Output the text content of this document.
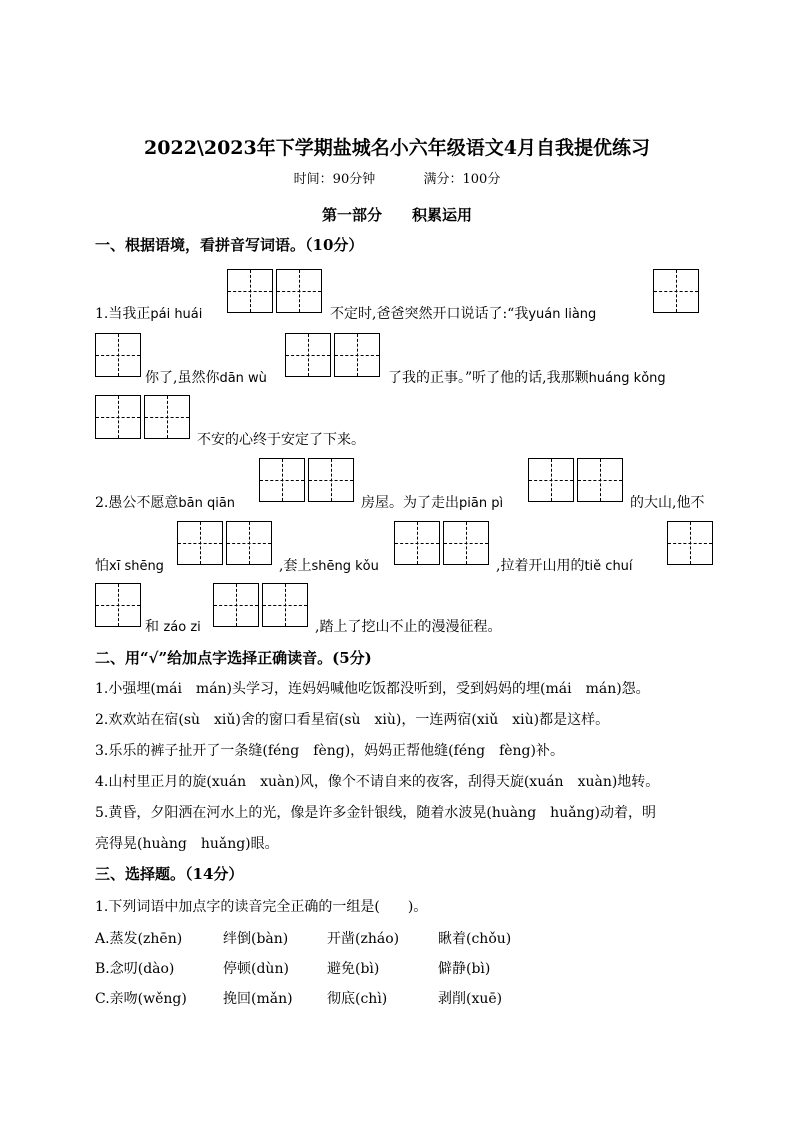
2022\2023年下学期盐城名小六年级语文4月自我提优练习
时间：90分钟	满分：100分
第一部分　　积累运用
一、根据语境，看拼音写词语。（10分）
1.当我正pái huái	不定时,爸爸突然开口说话了:“我yuán liàng
你了,虽然你dān wù	了我的正事。”听了他的话,我那颗huáng kǒng
不安的心终于安定了下来。
2.愚公不愿意bān qiān	房屋。为了走出piān pì	的大山,他不
怕xī shēng	,套上shēng kǒu	,拉着开山用的tiě chuí
和 záo zi	,踏上了挖山不止的漫漫征程。
二、用“√”给加点字选择正确读音。(5分)
1.小强埋(mái　mán)头学习，连妈妈喊他吃饭都没听到，受到妈妈的埋(mái　mán)怨。
2.欢欢站在宿(sù　xiǔ)舍的窗口看星宿(sù　xiù)，一连两宿(xiǔ　xiù)都是这样。
3.乐乐的裤子扯开了一条缝(féng　fèng)，妈妈正帮他缝(féng　fèng)补。
4.山村里正月的旋(xuán　xuàn)风，像个不请自来的夜客，刮得天旋(xuán　xuàn)地转。
5.黄昏，夕阳洒在河水上的光，像是许多金针银线，随着水波晃(huàng　huǎng)动着，明
亮得晃(huàng　huǎng)眼。
三、选择题。（14分）
1.下列词语中加点字的读音完全正确的一组是(　　)。
A.蒸发(zhēn)	绊倒(bàn)	开凿(zháo)	瞅着(chǒu)
B.念叨(dào)	停顿(dùn)	避免(bì)	僻静(bì)
C.亲吻(wěng)	挽回(mǎn) 彻底(chì)	剥削(xuē)
